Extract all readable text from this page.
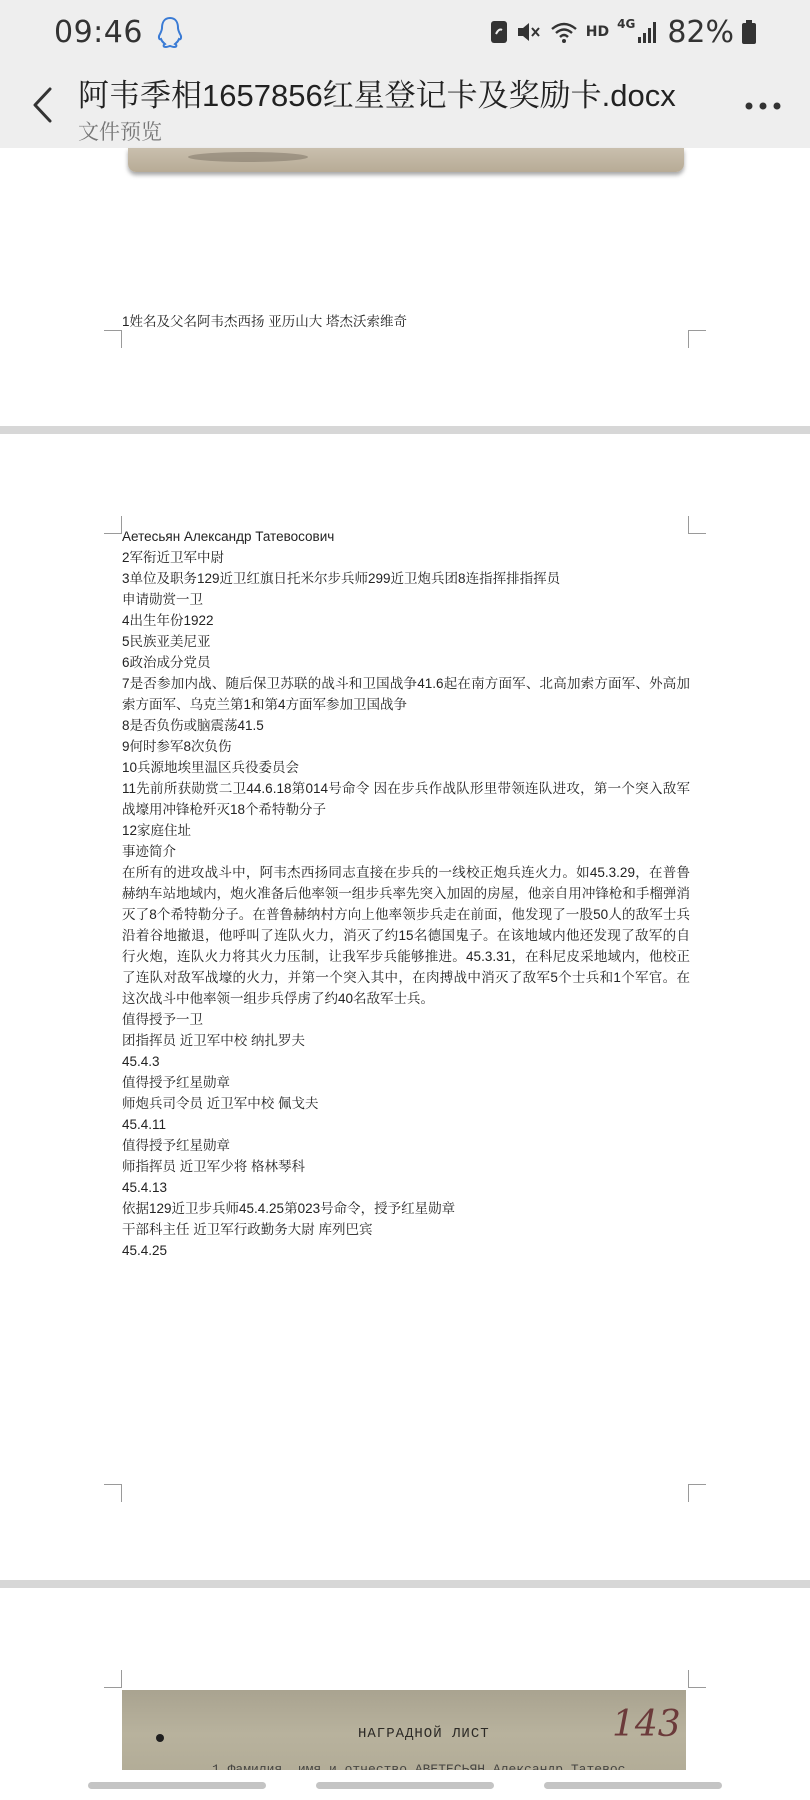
09:46	HD 4G 82%
阿韦季相1657856红星登记卡及奖励卡.docx
文件预览
1姓名及父名阿韦杰西扬 亚历山大 塔杰沃索维奇

Аетесьян Александр Татевосович

2军衔近卫军中尉

3单位及职务129近卫红旗日托米尔步兵师299近卫炮兵团8连指挥排指挥员

申请勋赏一卫

4出生年份1922

5民族亚美尼亚

6政治成分党员

7是否参加内战、随后保卫苏联的战斗和卫国战争41.6起在南方面军、北高加索方面军、外高加索方面军、乌克兰第1和第4方面军参加卫国战争

8是否负伤或脑震荡41.5

9何时参军8次负伤

10兵源地埃里温区兵役委员会

11先前所获勋赏二卫44.6.18第014号命令 因在步兵作战队形里带领连队进攻，第一个突入敌军战壕用冲锋枪歼灭18个希特勒分子

12家庭住址

事迹简介

在所有的进攻战斗中，阿韦杰西扬同志直接在步兵的一线校正炮兵连火力。如45.3.29，在普鲁赫纳车站地域内，炮火准备后他率领一组步兵率先突入加固的房屋，他亲自用冲锋枪和手榴弹消灭了8个希特勒分子。在普鲁赫纳村方向上他率领步兵走在前面，他发现了一股50人的敌军士兵沿着谷地撤退，他呼叫了连队火力，消灭了约15名德国鬼子。在该地域内他还发现了敌军的自行火炮，连队火力将其火力压制，让我军步兵能够推进。45.3.31，在科尼皮采地域内，他校正了连队对敌军战壕的火力，并第一个突入其中，在肉搏战中消灭了敌军5个士兵和1个军官。在这次战斗中他率领一组步兵俘虏了约40名敌军士兵。

值得授予一卫

团指挥员 近卫军中校 纳扎罗夫

45.4.3

值得授予红星勋章

师炮兵司令员 近卫军中校 佩戈夫

45.4.11

值得授予红星勋章

师指挥员 近卫军少将 格林琴科

45.4.13

依据129近卫步兵师45.4.25第023号命令，授予红星勋章

干部科主任 近卫军行政勤务大尉 库列巴宾

45.4.25

НАГРАДНОЙ ЛИСТ	143
